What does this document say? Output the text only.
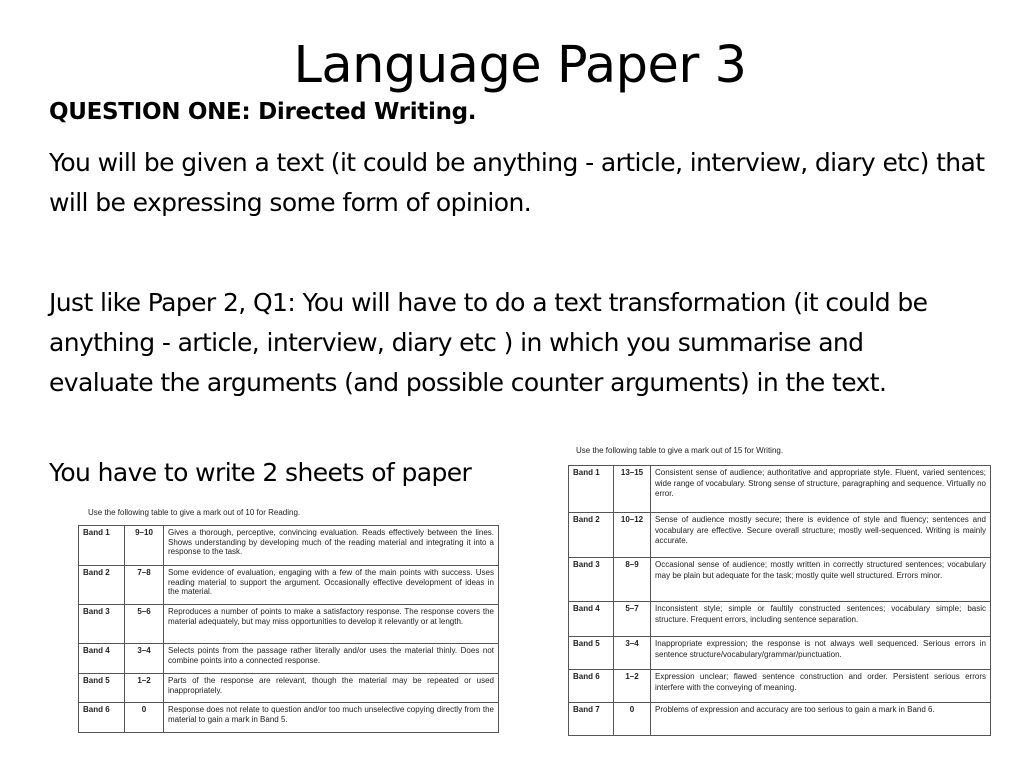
Language Paper 3
QUESTION ONE: Directed Writing.

You will be given a text (it could be anything - article, interview, diary etc) that will be expressing some form of opinion.

Just like Paper 2, Q1: You will have to do a text transformation (it could be anything - article, interview, diary etc ) in which you summarise and evaluate the arguments (and possible counter arguments) in the text.

You have to write 2 sheets of paper

Use the following table to give a mark out of 10 for Reading.
Band 1	9–10	Gives a thorough, perceptive, convincing evaluation. Reads effectively between the lines. Shows understanding by developing much of the reading material and integrating it into a response to the task.
Band 2	7–8	Some evidence of evaluation, engaging with a few of the main points with success. Uses reading material to support the argument. Occasionally effective development of ideas in the material.
Band 3	5–6	Reproduces a number of points to make a satisfactory response. The response covers the material adequately, but may miss opportunities to develop it relevantly or at length.
Band 4	3–4	Selects points from the passage rather literally and/or uses the material thinly. Does not combine points into a connected response.
Band 5	1–2	Parts of the response are relevant, though the material may be repeated or used inappropriately.
Band 6	0	Response does not relate to question and/or too much unselective copying directly from the material to gain a mark in Band 5.
Use the following table to give a mark out of 15 for Writing.
Band 1	13–15	Consistent sense of audience; authoritative and appropriate style. Fluent, varied sentences; wide range of vocabulary. Strong sense of structure, paragraphing and sequence. Virtually no error.
Band 2	10–12	Sense of audience mostly secure; there is evidence of style and fluency; sentences and vocabulary are effective. Secure overall structure; mostly well-sequenced. Writing is mainly accurate.
Band 3	8–9	Occasional sense of audience; mostly written in correctly structured sentences; vocabulary may be plain but adequate for the task; mostly quite well structured. Errors minor.
Band 4	5–7	Inconsistent style; simple or faultily constructed sentences; vocabulary simple; basic structure. Frequent errors, including sentence separation.
Band 5	3–4	Inappropriate expression; the response is not always well sequenced. Serious errors in sentence structure/vocabulary/grammar/punctuation.
Band 6	1–2	Expression unclear; flawed sentence construction and order. Persistent serious errors interfere with the conveying of meaning.
Band 7	0	Problems of expression and accuracy are too serious to gain a mark in Band 6.
